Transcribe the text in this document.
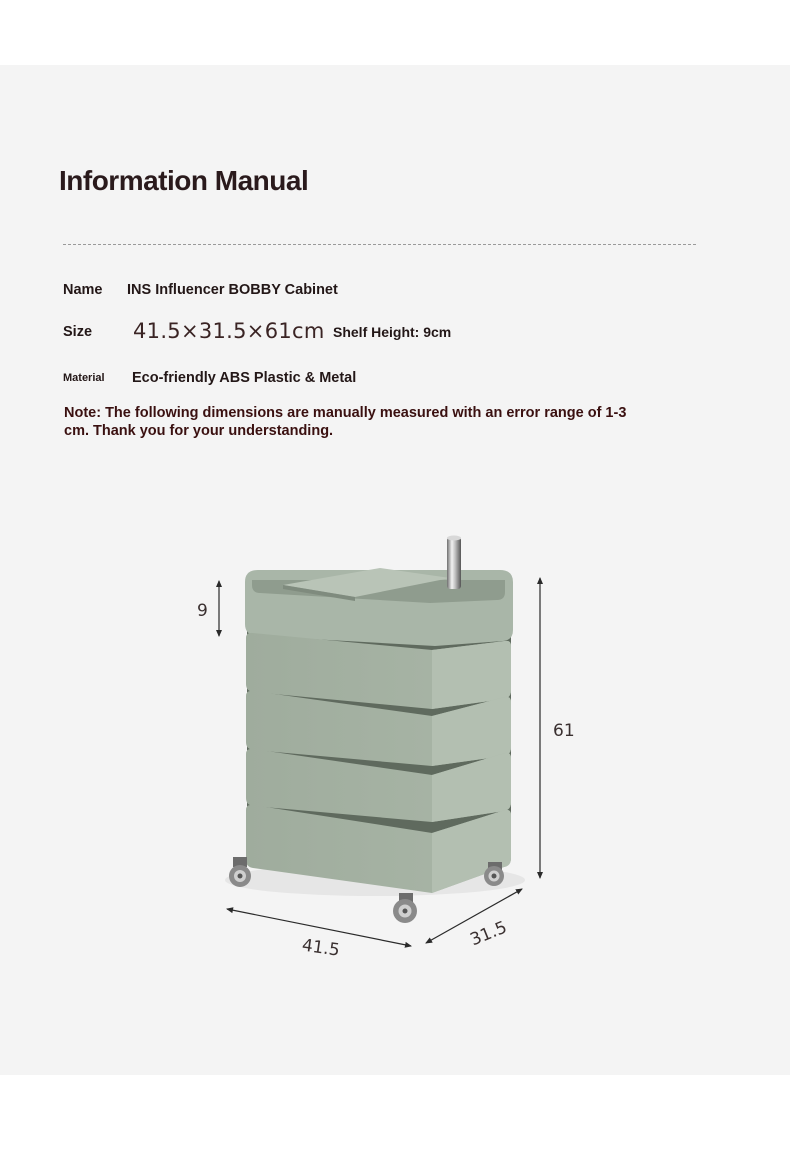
Information Manual
Name INS Influencer BOBBY Cabinet
Size 41.5×31.5×61cm Shelf Height: 9cm
Material Eco-friendly ABS Plastic & Metal
Note: The following dimensions are manually measured with an error range of 1-3 cm. Thank you for your understanding.
9
61
41.5	31.5
